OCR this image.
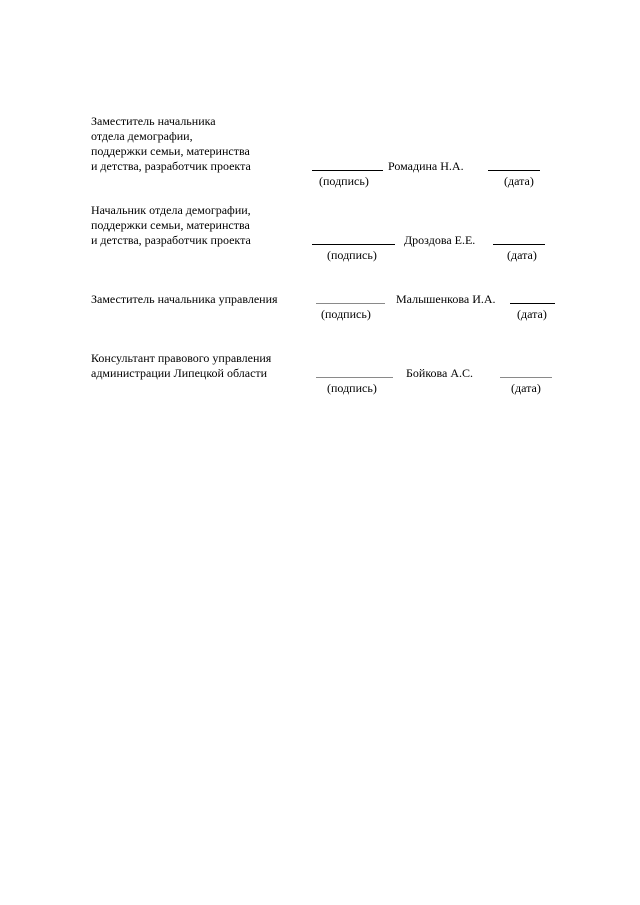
Заместитель начальника
отдела демографии,
поддержки семьи, материнства
и детства, разработчик проекта	Ромадина Н.А.
(подпись)	(дата)
Начальник отдела демографии,
поддержки семьи, материнства
и детства, разработчик проекта	Дроздова Е.Е.
(подпись)	(дата)
Заместитель начальника управления	Малышенкова И.А.
(подпись)	(дата)
Консультант правового управления
администрации Липецкой области	Бойкова А.С.
(подпись)	(дата)
